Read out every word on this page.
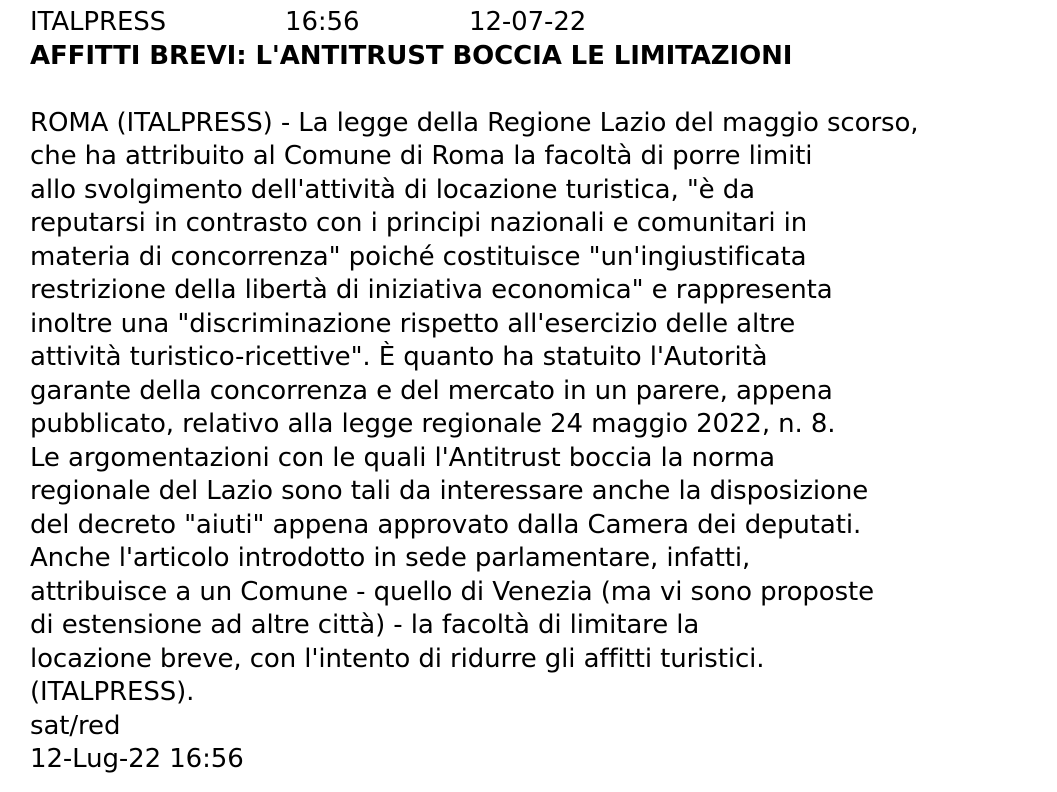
ITALPRESS	16:56	12-07-22
AFFITTI BREVI: L'ANTITRUST BOCCIA LE LIMITAZIONI
ROMA (ITALPRESS) - La legge della Regione Lazio del maggio scorso,
che ha attribuito al Comune di Roma la facoltà di porre limiti
allo svolgimento dell'attività di locazione turistica, "è da
reputarsi in contrasto con i principi nazionali e comunitari in
materia di concorrenza" poiché costituisce "un'ingiustificata
restrizione della libertà di iniziativa economica" e rappresenta
inoltre una "discriminazione rispetto all'esercizio delle altre
attività turistico-ricettive". È quanto ha statuito l'Autorità
garante della concorrenza e del mercato in un parere, appena
pubblicato, relativo alla legge regionale 24 maggio 2022, n. 8.
Le argomentazioni con le quali l'Antitrust boccia la norma
regionale del Lazio sono tali da interessare anche la disposizione
del decreto "aiuti" appena approvato dalla Camera dei deputati.
Anche l'articolo introdotto in sede parlamentare, infatti,
attribuisce a un Comune - quello di Venezia (ma vi sono proposte
di estensione ad altre città) - la facoltà di limitare la
locazione breve, con l'intento di ridurre gli affitti turistici.
(ITALPRESS).
sat/red
12-Lug-22 16:56
